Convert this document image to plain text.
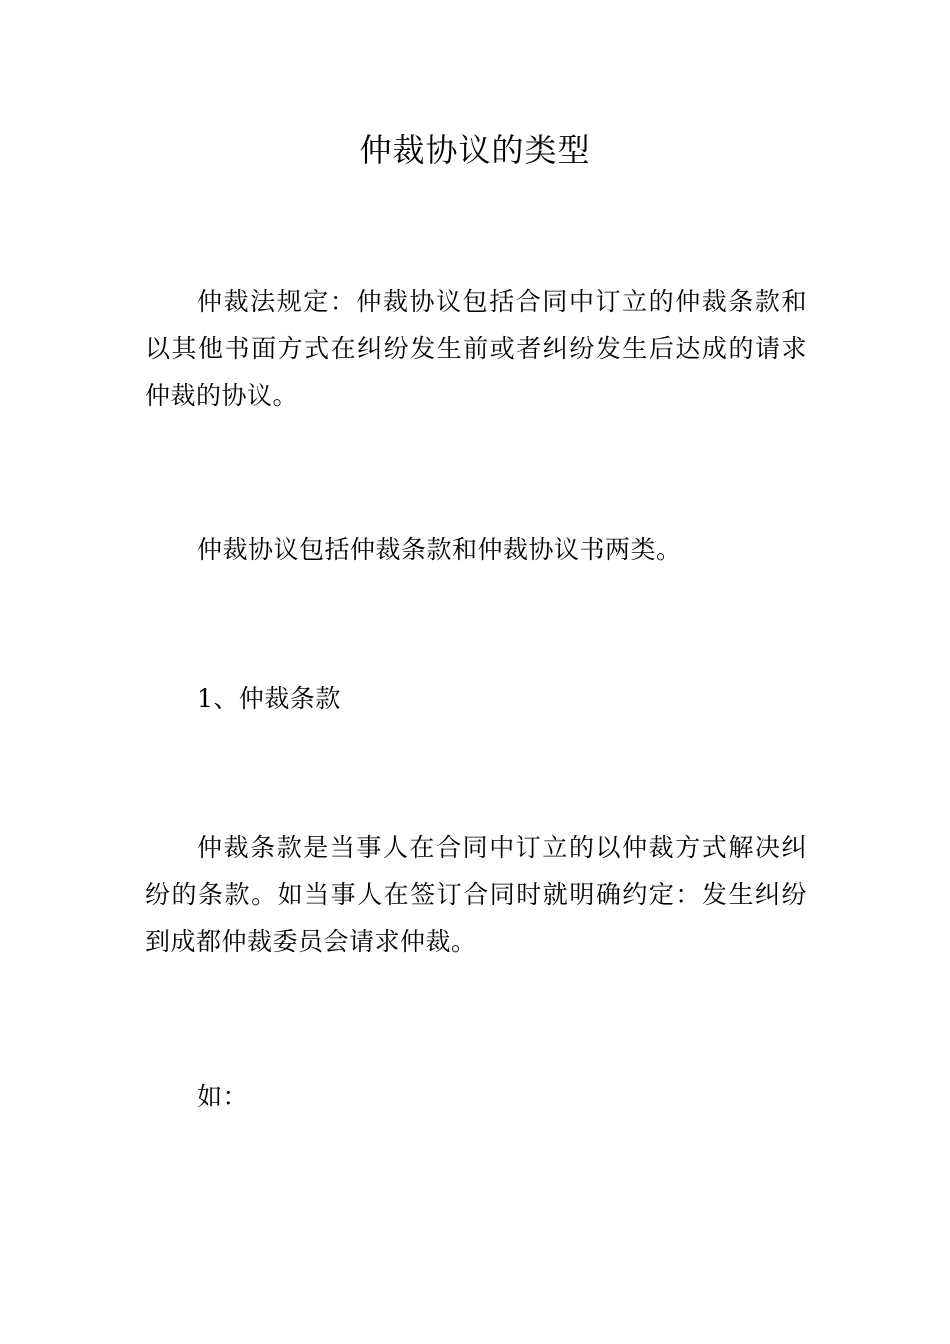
仲裁协议的类型

仲裁法规定：仲裁协议包括合同中订立的仲裁条款和以其他书面方式在纠纷发生前或者纠纷发生后达成的请求仲裁的协议。

仲裁协议包括仲裁条款和仲裁协议书两类。

1、仲裁条款

仲裁条款是当事人在合同中订立的以仲裁方式解决纠纷的条款。如当事人在签订合同时就明确约定：发生纠纷到成都仲裁委员会请求仲裁。

如：
